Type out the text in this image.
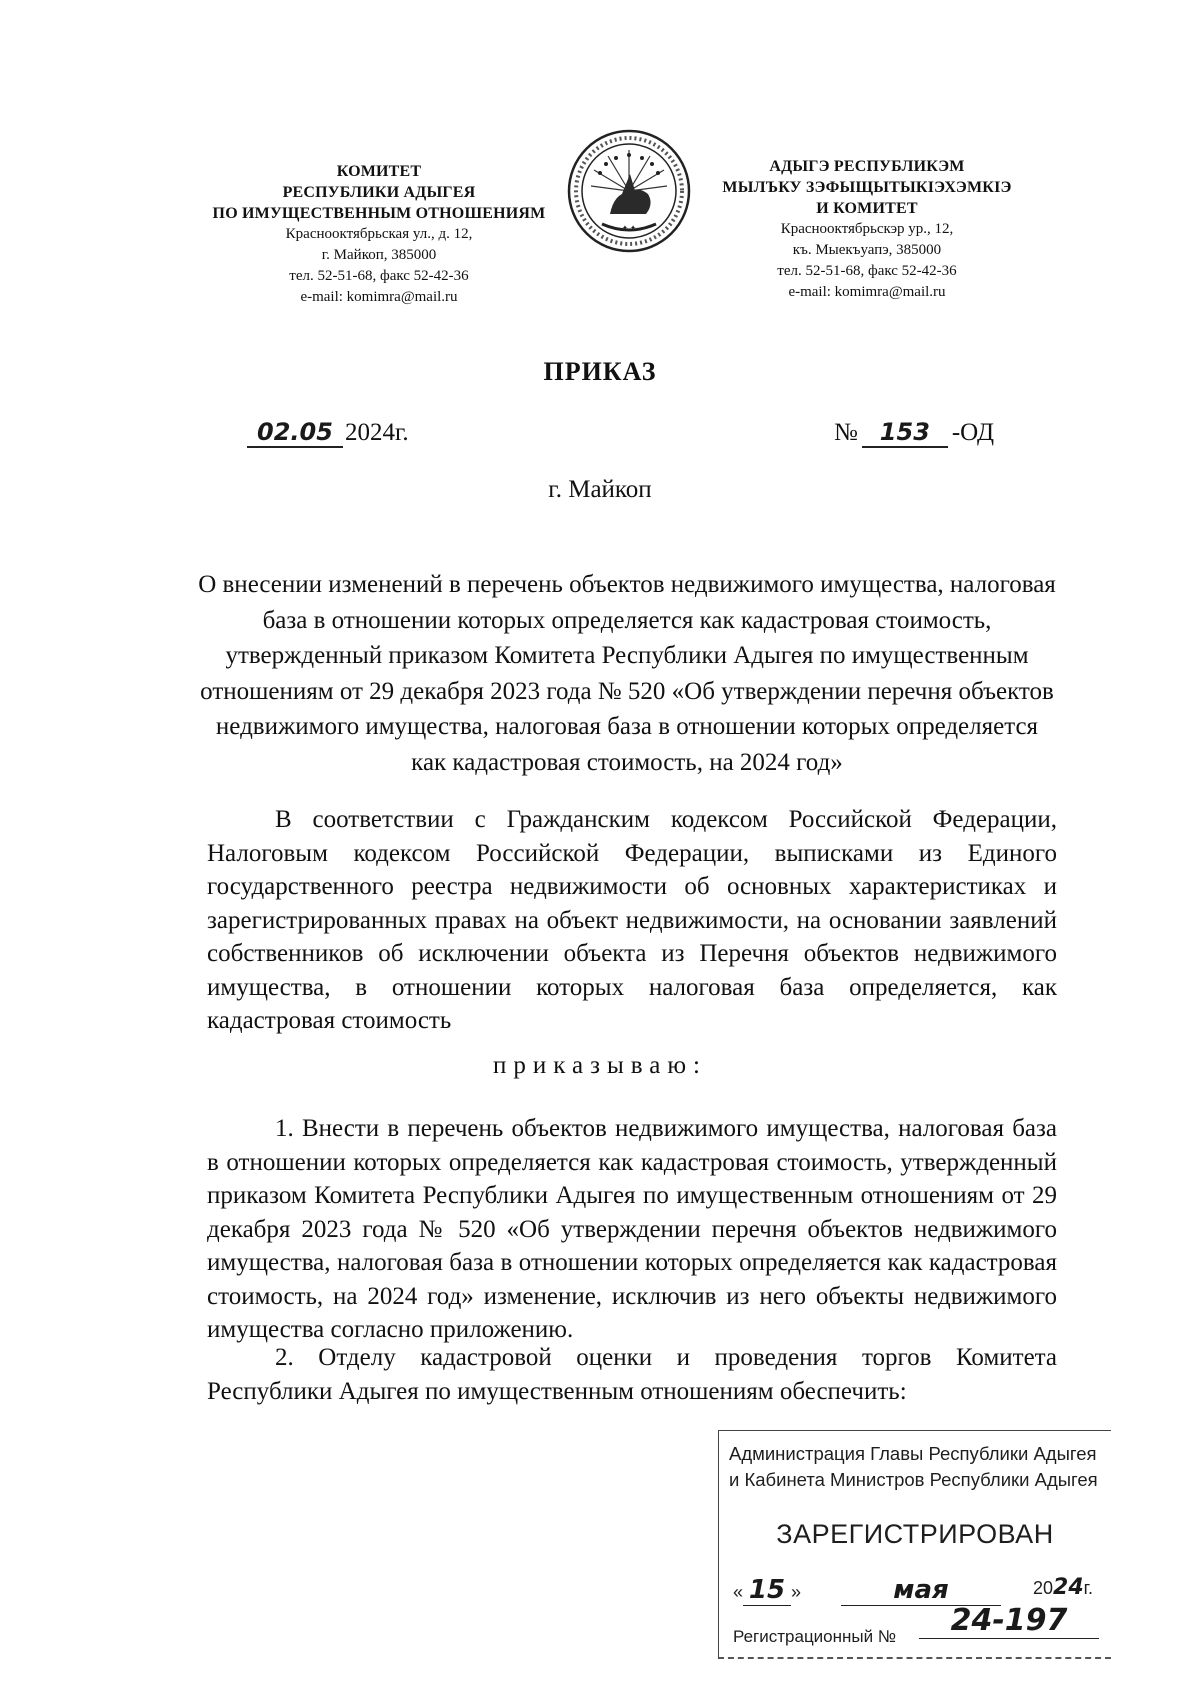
КОМИТЕТ
РЕСПУБЛИКИ АДЫГЕЯ
ПО ИМУЩЕСТВЕННЫМ ОТНОШЕНИЯМ
Краснооктябрьская ул., д. 12,
г. Майкоп, 385000
тел. 52-51-68, факс 52-42-36
e-mail: komimra@mail.ru
✦ ✦
АДЫГЭ РЕСПУБЛИКЭМ
МЫЛЪКУ ЗЭФЫЩЫТЫКІЭХЭМКІЭ
И КОМИТЕТ
Краснооктябрьскэр ур., 12,
къ. Мыекъуапэ, 385000
тел. 52-51-68, факс 52-42-36
e-mail: komimra@mail.ru
ПРИКАЗ
02.05 2024г.	№ 153 -ОД
г. Майкоп
О внесении изменений в перечень объектов недвижимого имущества, налоговая база в отношении которых определяется как кадастровая стоимость, утвержденный приказом Комитета Республики Адыгея по имущественным отношениям от 29 декабря 2023 года № 520 «Об утверждении перечня объектов недвижимого имущества, налоговая база в отношении которых определяется как кадастровая стоимость, на 2024 год»
В соответствии с Гражданским кодексом Российской Федерации, Налоговым кодексом Российской Федерации, выписками из Единого государственного реестра недвижимости об основных характеристиках и зарегистрированных правах на объект недвижимости, на основании заявлений собственников об исключении объекта из Перечня объектов недвижимого имущества, в отношении которых налоговая база определяется, как кадастровая стоимость
приказываю:
1. Внести в перечень объектов недвижимого имущества, налоговая база в отношении которых определяется как кадастровая стоимость, утвержденный приказом Комитета Республики Адыгея по имущественным отношениям от 29 декабря 2023 года № 520 «Об утверждении перечня объектов недвижимого имущества, налоговая база в отношении которых определяется как кадастровая стоимость, на 2024 год» изменение, исключив из него объекты недвижимого имущества согласно приложению.
2. Отделу кадастровой оценки и проведения торгов Комитета Республики Адыгея по имущественным отношениям обеспечить:
Администрация Главы Республики Адыгея
и Кабинета Министров Республики Адыгея
ЗАРЕГИСТРИРОВАН
« 15 »	мая	2024г.
Регистрационный №	24-197
